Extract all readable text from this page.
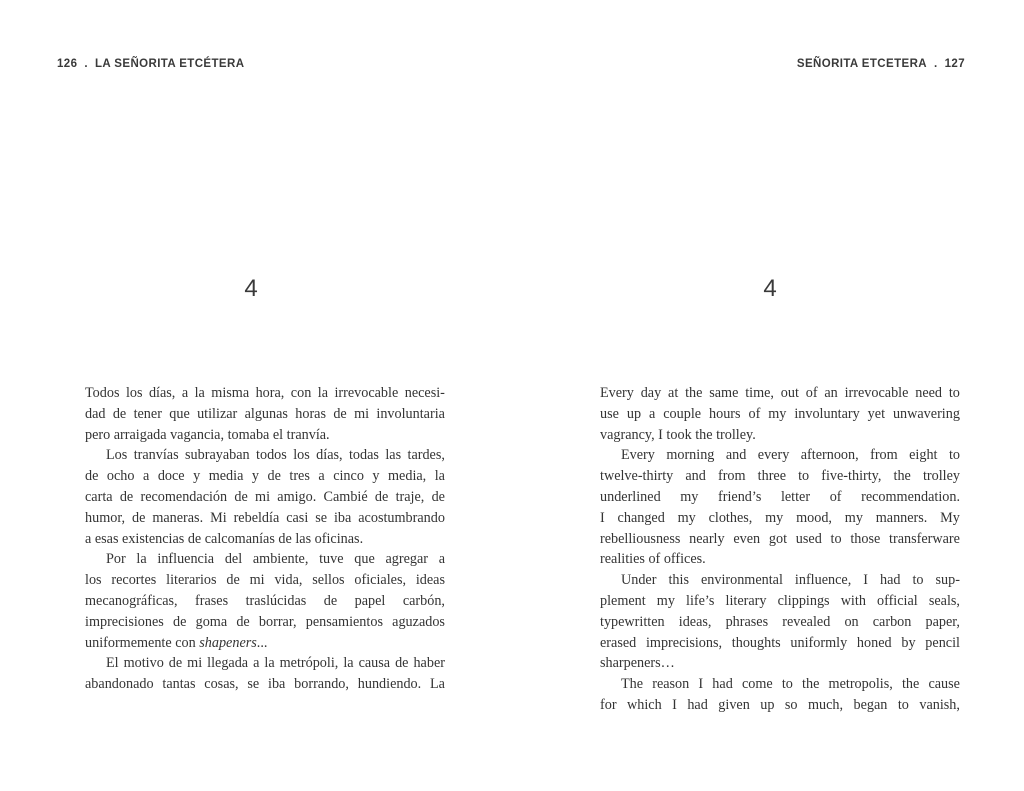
126 . LA SEÑORITA ETCÉTERA
4
Todos los días, a la misma hora, con la irrevocable necesi-
dad de tener que utilizar algunas horas de mi involuntaria
pero arraigada vagancia, tomaba el tranvía.
Los tranvías subrayaban todos los días, todas las tardes,
de ocho a doce y media y de tres a cinco y media, la
carta de recomendación de mi amigo. Cambié de traje, de
humor, de maneras. Mi rebeldía casi se iba acostumbrando
a esas existencias de calcomanías de las oficinas.
Por la influencia del ambiente, tuve que agregar a
los recortes literarios de mi vida, sellos oficiales, ideas
mecanográficas, frases traslúcidas de papel carbón,
imprecisiones de goma de borrar, pensamientos aguzados
uniformemente con shapeners...
El motivo de mi llegada a la metrópoli, la causa de haber
abandonado tantas cosas, se iba borrando, hundiendo. La
SEÑORITA ETCETERA . 127
4
Every day at the same time, out of an irrevocable need to
use up a couple hours of my involuntary yet unwavering
vagrancy, I took the trolley.
Every morning and every afternoon, from eight to
twelve-thirty and from three to five-thirty, the trolley
underlined my friend’s letter of recommendation.
I changed my clothes, my mood, my manners. My
rebelliousness nearly even got used to those transferware
realities of offices.
Under this environmental influence, I had to sup-
plement my life’s literary clippings with official seals,
typewritten ideas, phrases revealed on carbon paper,
erased imprecisions, thoughts uniformly honed by pencil
sharpeners…
The reason I had come to the metropolis, the cause
for which I had given up so much, began to vanish,
